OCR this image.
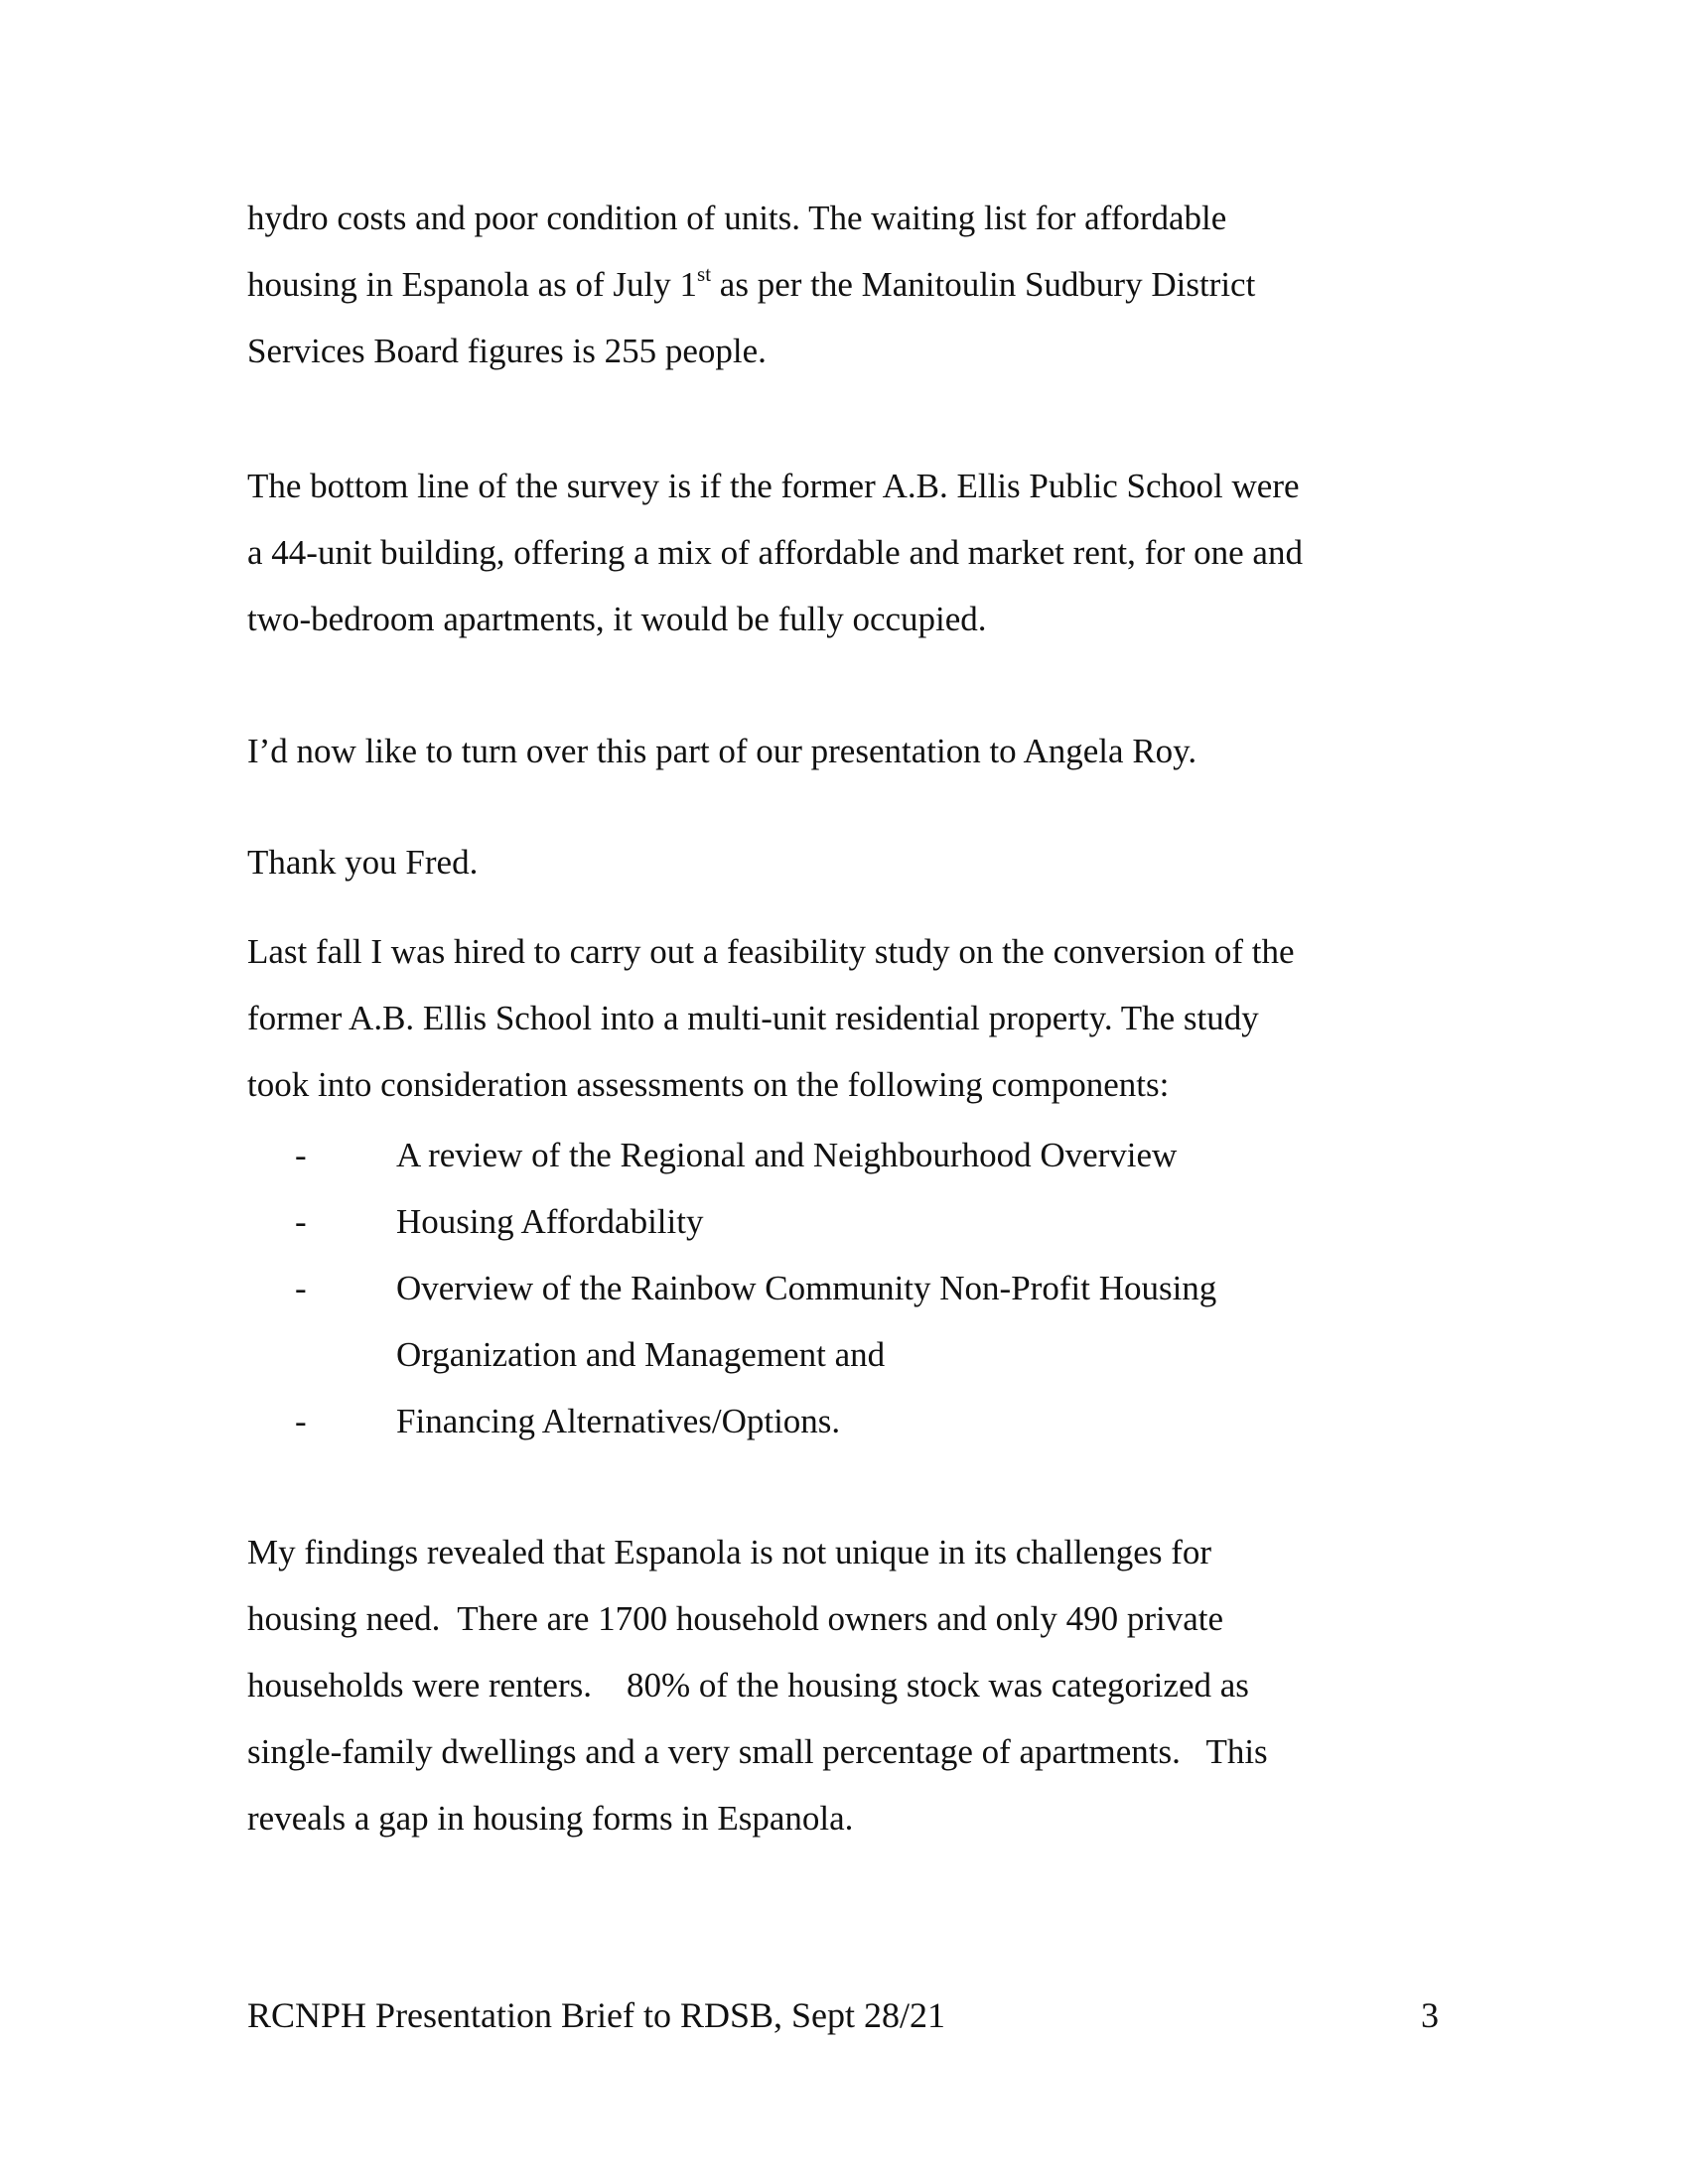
hydro costs and poor condition of units. The waiting list for affordable
housing in Espanola as of July 1st as per the Manitoulin Sudbury District
Services Board figures is 255 people.
The bottom line of the survey is if the former A.B. Ellis Public School were
a 44-unit building, offering a mix of affordable and market rent, for one and
two-bedroom apartments, it would be fully occupied.
I’d now like to turn over this part of our presentation to Angela Roy.
Thank you Fred.
Last fall I was hired to carry out a feasibility study on the conversion of the
former A.B. Ellis School into a multi-unit residential property. The study
took into consideration assessments on the following components:
-	A review of the Regional and Neighbourhood Overview
-	Housing Affordability
-	Overview of the Rainbow Community Non-Profit Housing
Organization and Management and
-	Financing Alternatives/Options.
My findings revealed that Espanola is not unique in its challenges for
housing need.  There are 1700 household owners and only 490 private
households were renters.    80% of the housing stock was categorized as
single-family dwellings and a very small percentage of apartments.   This
reveals a gap in housing forms in Espanola.
RCNPH Presentation Brief to RDSB, Sept 28/21	3
